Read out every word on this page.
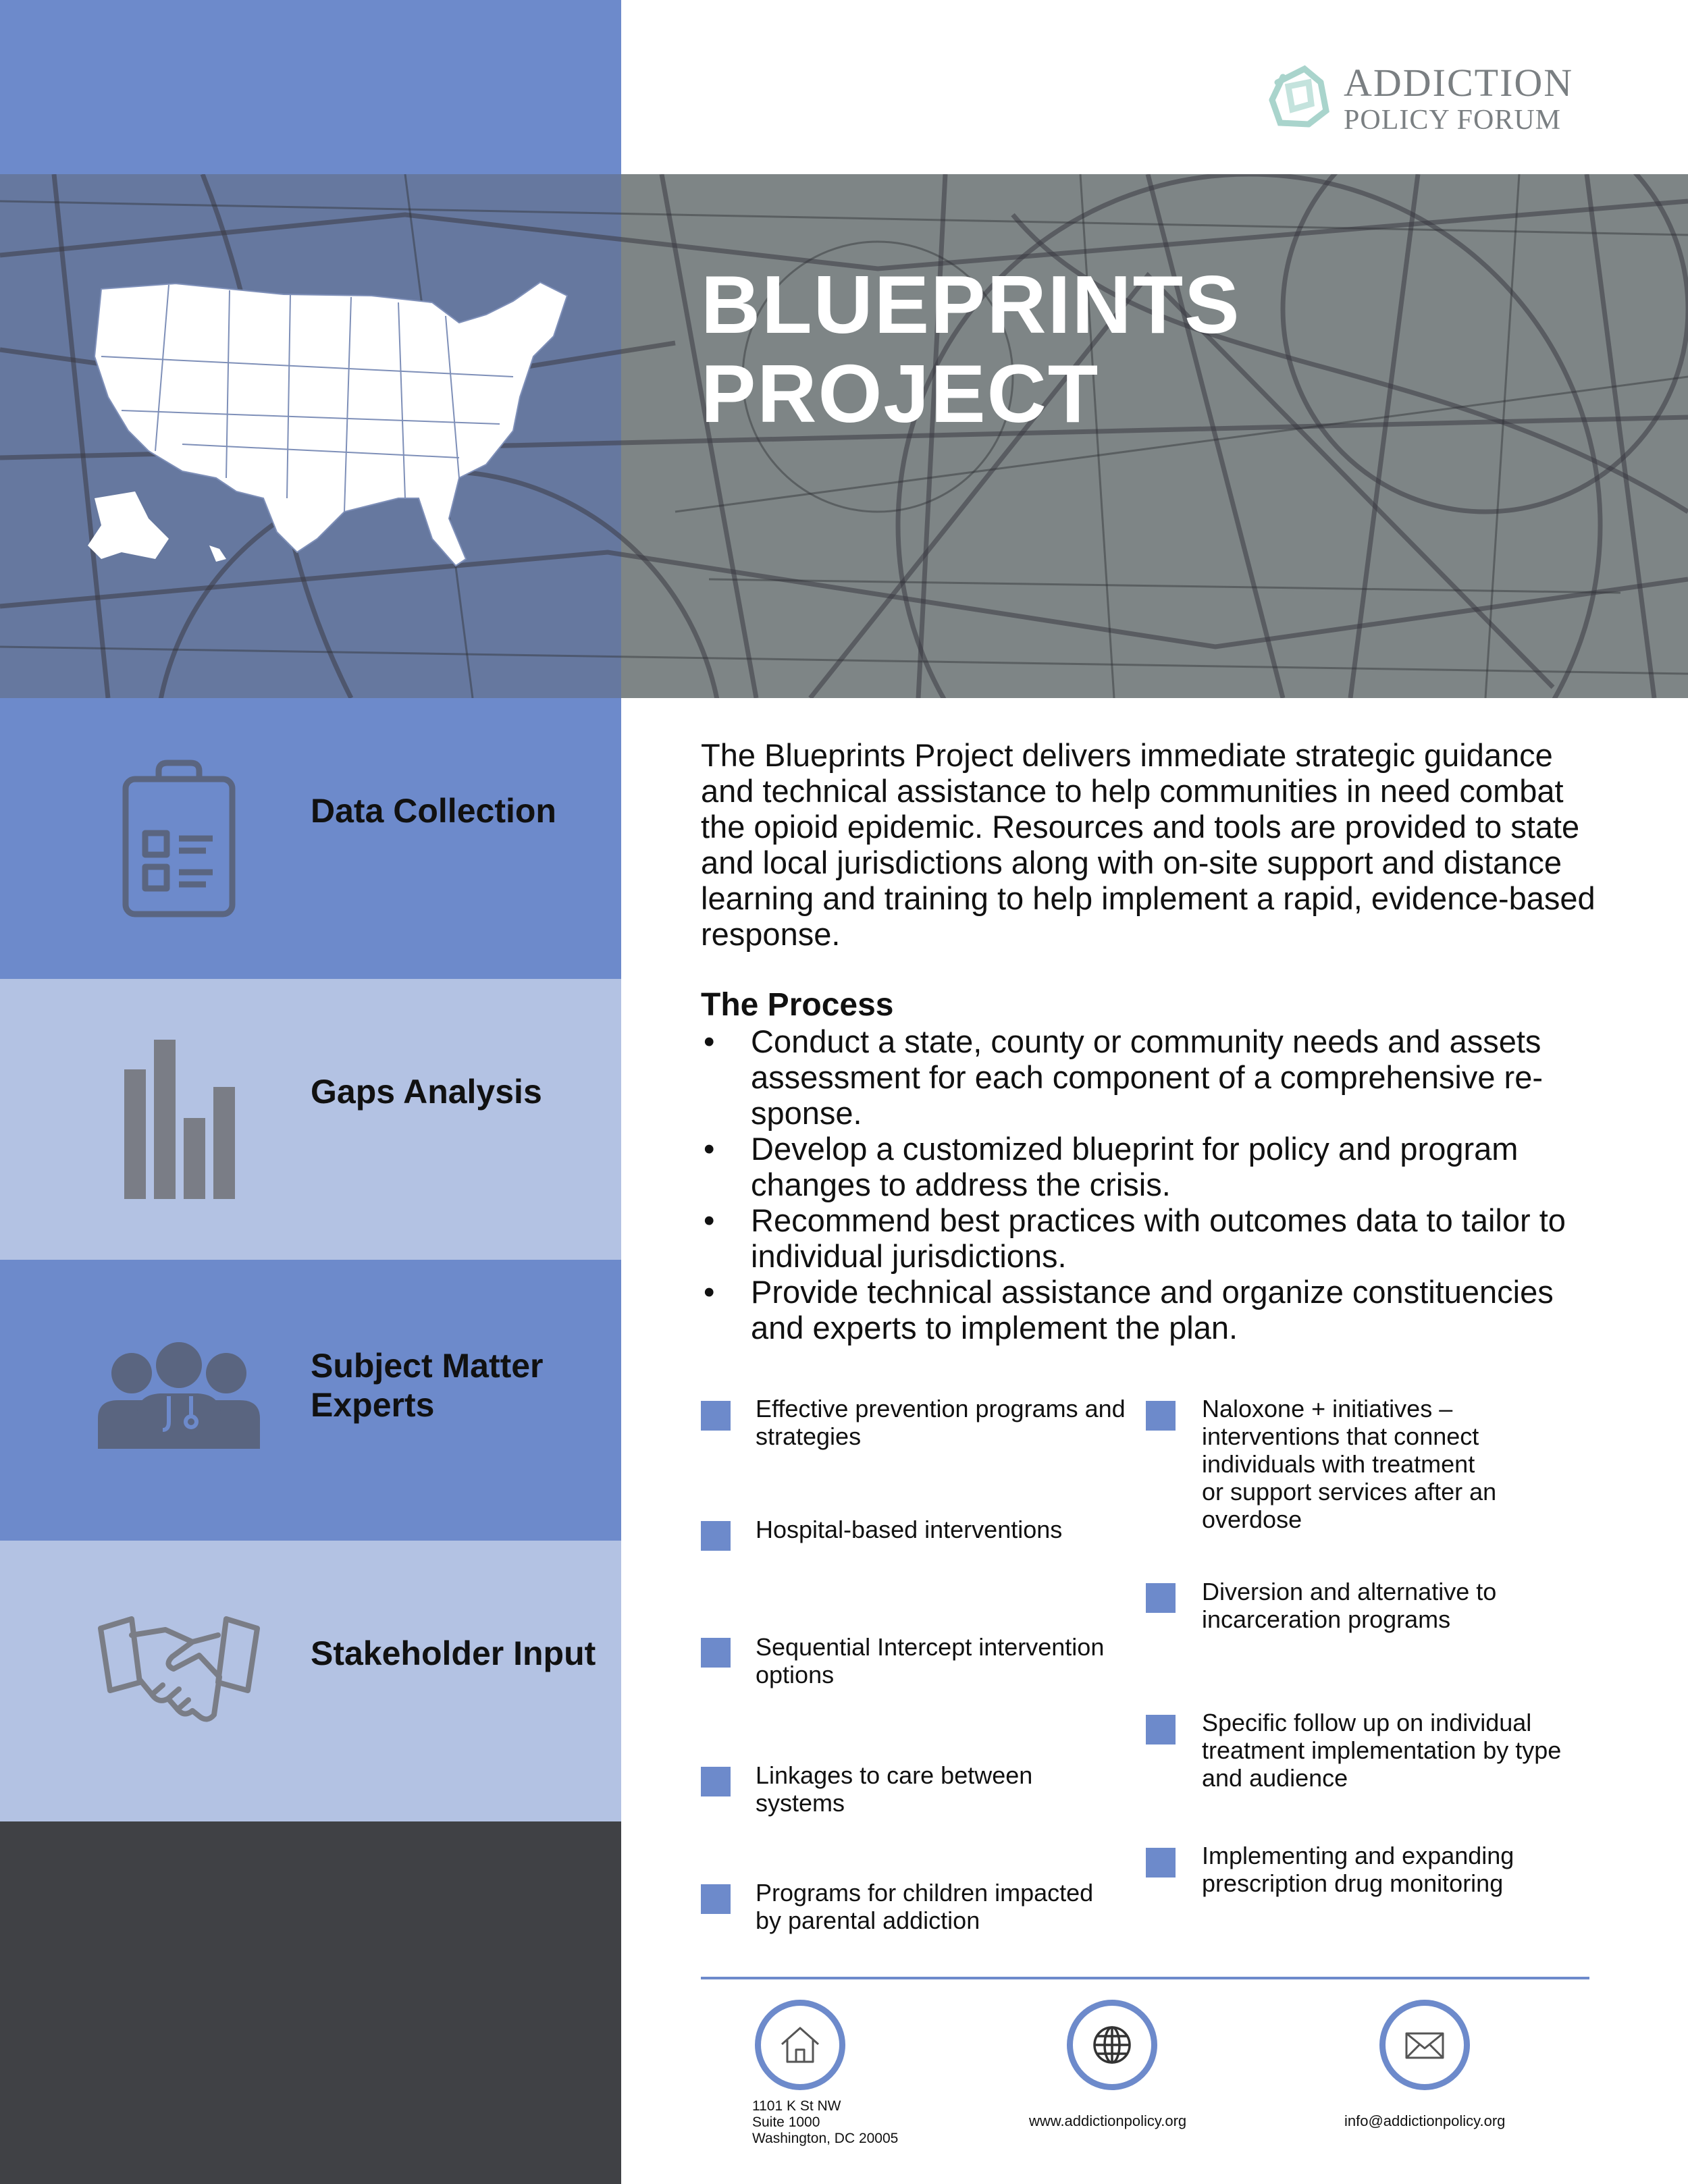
ADDICTION
POLICY FORUM
BLUEPRINTS
PROJECT
Data Collection
Gaps Analysis
Subject Matter
Experts
Stakeholder Input
The Blueprints Project delivers immediate strategic guidance
and technical assistance to help communities in need combat
the opioid epidemic. Resources and tools are provided to state
and local jurisdictions along with on-site support and distance
learning and training to help implement a rapid, evidence-based
response.
The Process
• Conduct a state, county or community needs and assets
assessment for each component of a comprehensive re-
sponse.
• Develop a customized blueprint for policy and program
changes to address the crisis.
• Recommend best practices with outcomes data to tailor to
individual jurisdictions.
• Provide technical assistance and organize constituencies
and experts to implement the plan.
Effective prevention programs and
strategies
Hospital-based interventions
Sequential Intercept intervention
options
Linkages to care between
systems
Programs for children impacted
by parental addiction
Naloxone + initiatives –
interventions that connect
individuals with treatment
or support services after an
overdose
Diversion and alternative to
incarceration programs
Specific follow up on individual
treatment implementation by type
and audience
Implementing and expanding
prescription drug monitoring
1101 K St NW
Suite 1000
Washington, DC 20005
www.addictionpolicy.org	info@addictionpolicy.org
